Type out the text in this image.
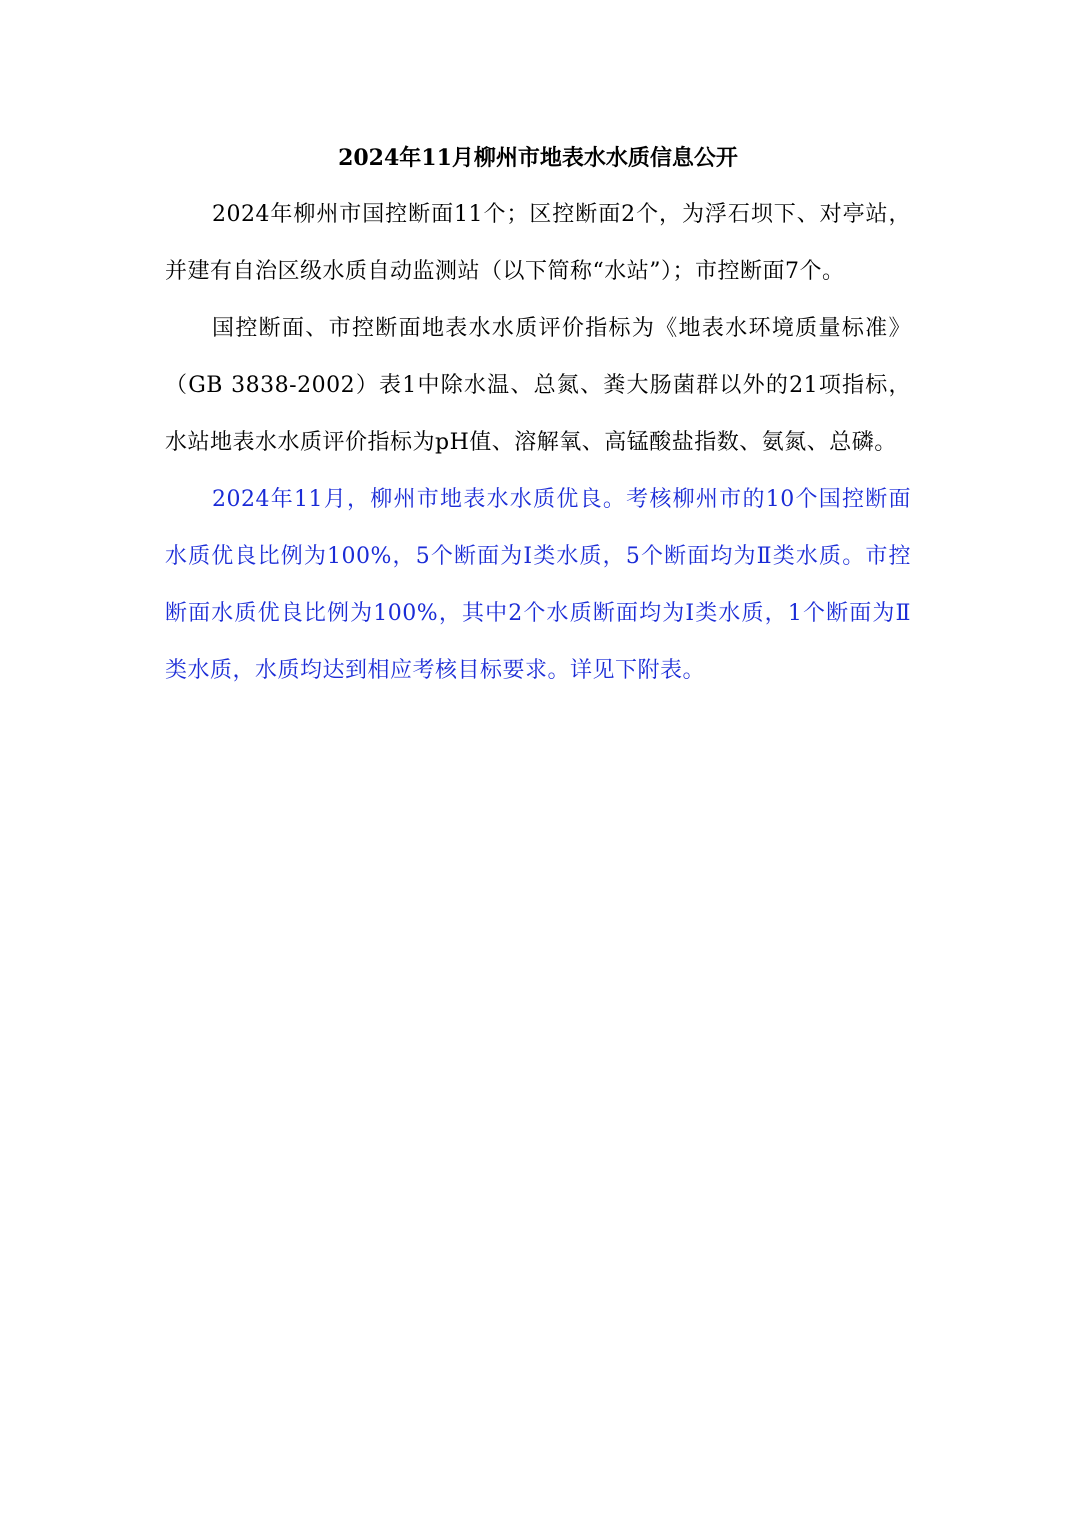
2024年11月柳州市地表水水质信息公开

2024年柳州市国控断面11个；区控断面2个，为浮石坝下、对亭站，并建有自治区级水质自动监测站（以下简称“水站”）；市控断面7个。

国控断面、市控断面地表水水质评价指标为《地表水环境质量标准》（GB 3838-2002）表1中除水温、总氮、粪大肠菌群以外的21项指标，水站地表水水质评价指标为pH值、溶解氧、高锰酸盐指数、氨氮、总磷。

2024年11月，柳州市地表水水质优良。考核柳州市的10个国控断面水质优良比例为100%，5个断面为Ⅰ类水质，5个断面均为Ⅱ类水质。市控断面水质优良比例为100%，其中2个水质断面均为Ⅰ类水质，1个断面为Ⅱ类水质，水质均达到相应考核目标要求。详见下附表。
